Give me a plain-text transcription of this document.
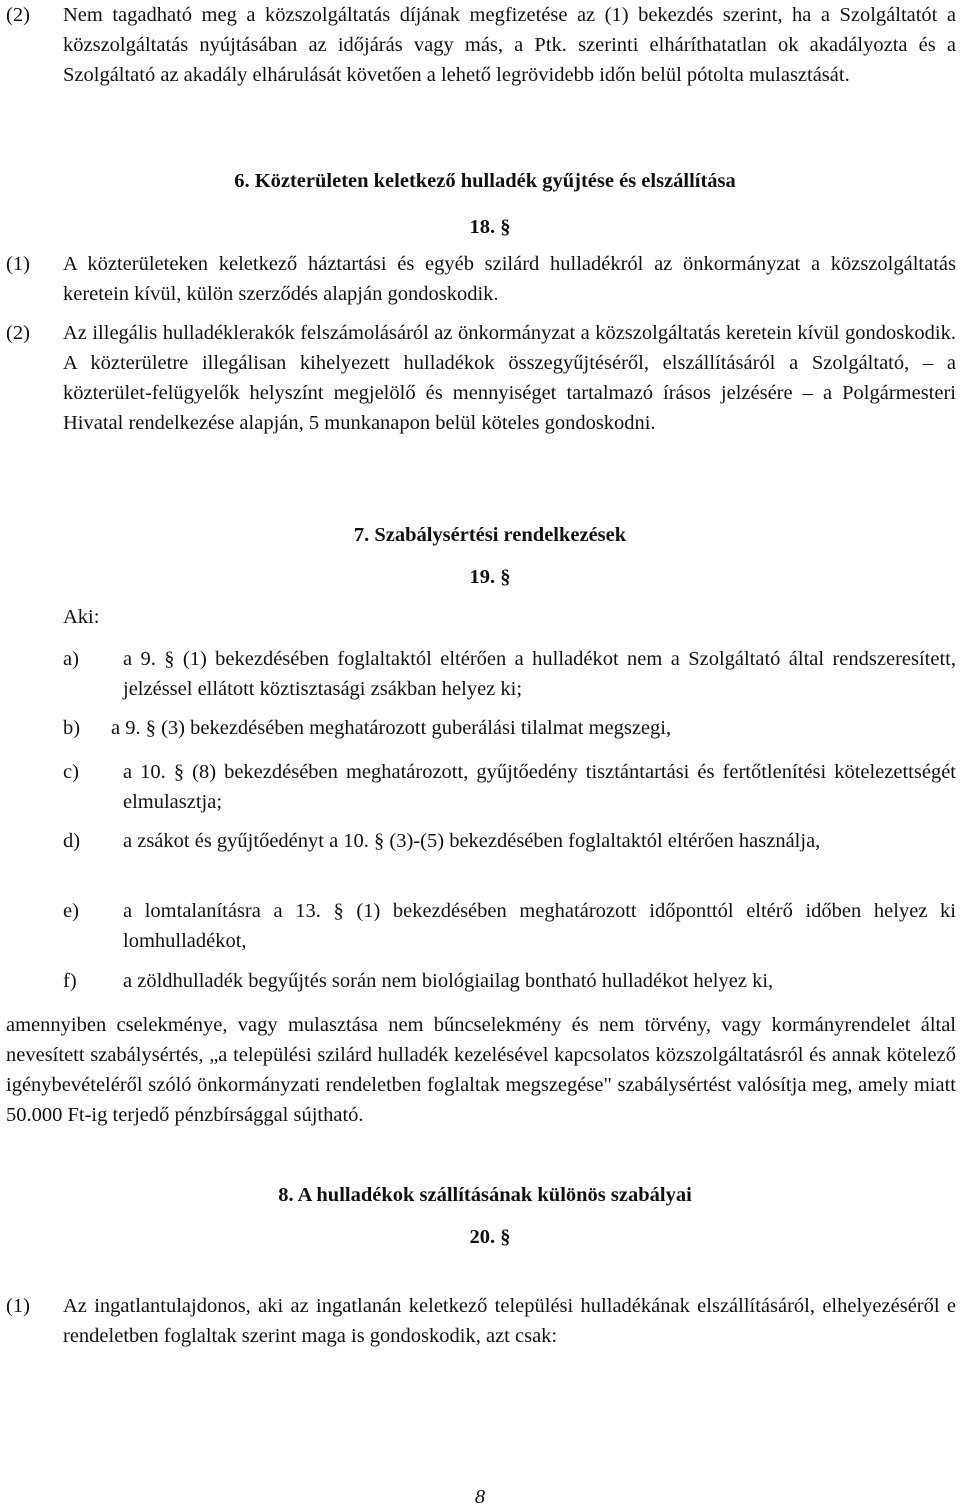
(2) Nem tagadható meg a közszolgáltatás díjának megfizetése az (1) bekezdés szerint, ha a Szolgáltatót a közszolgáltatás nyújtásában az időjárás vagy más, a Ptk. szerinti elháríthatatlan ok akadályozta és a Szolgáltató az akadály elhárulását követően a lehető legrövidebb időn belül pótolta mulasztását.
6. Közterületen keletkező hulladék gyűjtése és elszállítása
18. §
(1) A közterületeken keletkező háztartási és egyéb szilárd hulladékról az önkormányzat a közszolgáltatás keretein kívül, külön szerződés alapján gondoskodik.
(2) Az illegális hulladéklerakók felszámolásáról az önkormányzat a közszolgáltatás keretein kívül gondoskodik. A közterületre illegálisan kihelyezett hulladékok összegyűjtéséről, elszállításáról a Szolgáltató, – a közterület-felügyelők helyszínt megjelölő és mennyiséget tartalmazó írásos jelzésére – a Polgármesteri Hivatal rendelkezése alapján, 5 munkanapon belül köteles gondoskodni.
7. Szabálysértési rendelkezések
19. §
Aki:
a) a 9. § (1) bekezdésében foglaltaktól eltérően a hulladékot nem a Szolgáltató által rendszeresített, jelzéssel ellátott köztisztasági zsákban helyez ki;
b) a 9. § (3) bekezdésében meghatározott guberálási tilalmat megszegi,
c) a 10. § (8) bekezdésében meghatározott, gyűjtőedény tisztántartási és fertőtlenítési kötelezettségét elmulasztja;
d) a zsákot és gyűjtőedényt a 10. § (3)-(5) bekezdésében foglaltaktól eltérően használja,
e) a lomtalanításra a 13. § (1) bekezdésében meghatározott időponttól eltérő időben helyez ki lomhulladékot,
f) a zöldhulladék begyűjtés során nem biológiailag bontható hulladékot helyez ki,
amennyiben cselekménye, vagy mulasztása nem bűncselekmény és nem törvény, vagy kormányrendelet által nevesített szabálysértés, „a települési szilárd hulladék kezelésével kapcsolatos közszolgáltatásról és annak kötelező igénybevételéről szóló önkormányzati rendeletben foglaltak megszegése" szabálysértést valósítja meg, amely miatt 50.000 Ft-ig terjedő pénzbírsággal sújtható.
8. A hulladékok szállításának különös szabályai
20. §
(1) Az ingatlantulajdonos, aki az ingatlanán keletkező települési hulladékának elszállításáról, elhelyezéséről e rendeletben foglaltak szerint maga is gondoskodik, azt csak:
8
